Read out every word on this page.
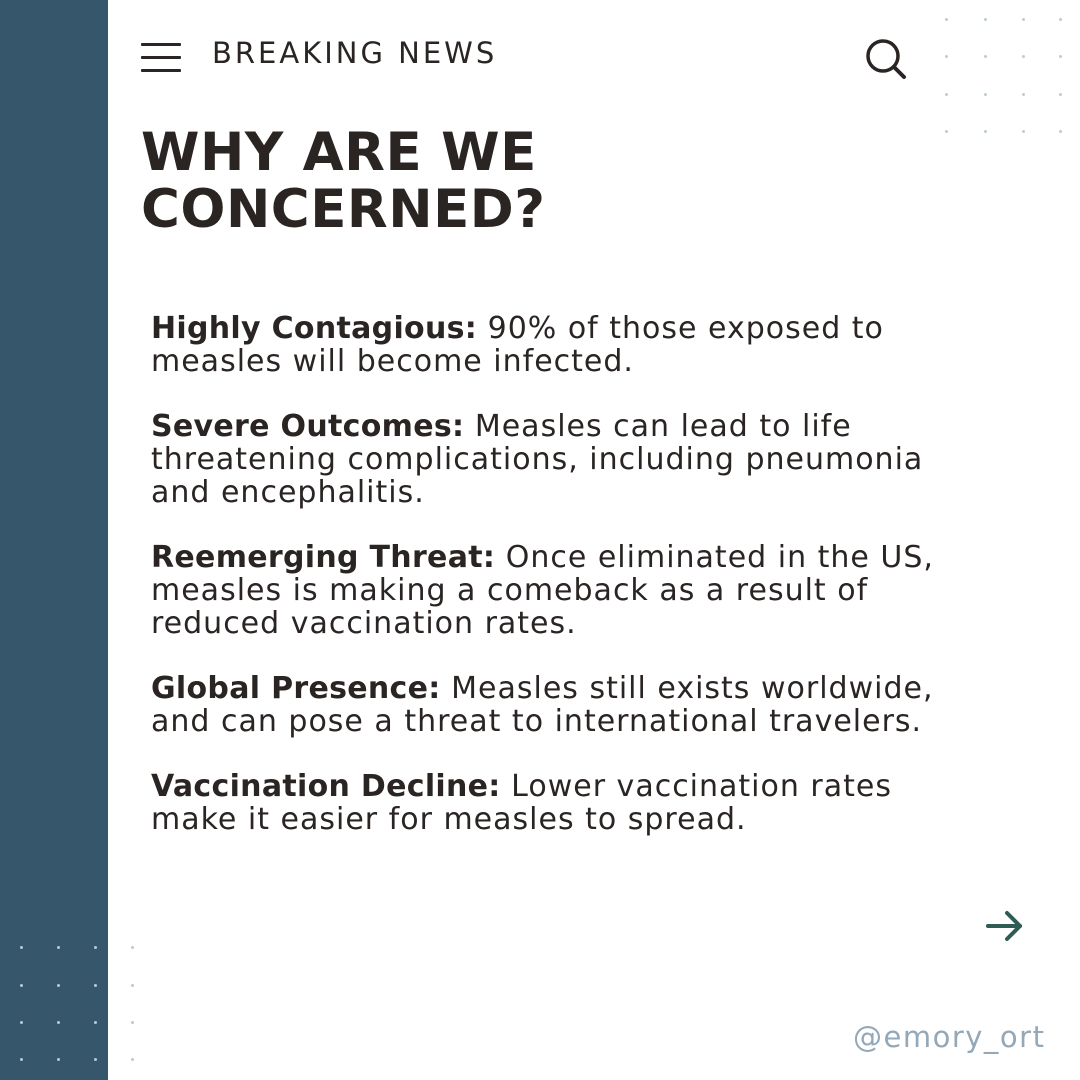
BREAKING NEWS
WHY ARE WE
CONCERNED?

Highly Contagious: 90% of those exposed to measles will become infected.

Severe Outcomes: Measles can lead to life threatening complications, including pneumonia and encephalitis.

Reemerging Threat: Once eliminated in the US, measles is making a comeback as a result of reduced vaccination rates.

Global Presence: Measles still exists worldwide, and can pose a threat to international travelers.

Vaccination Decline: Lower vaccination rates make it easier for measles to spread.

@emory_ort
